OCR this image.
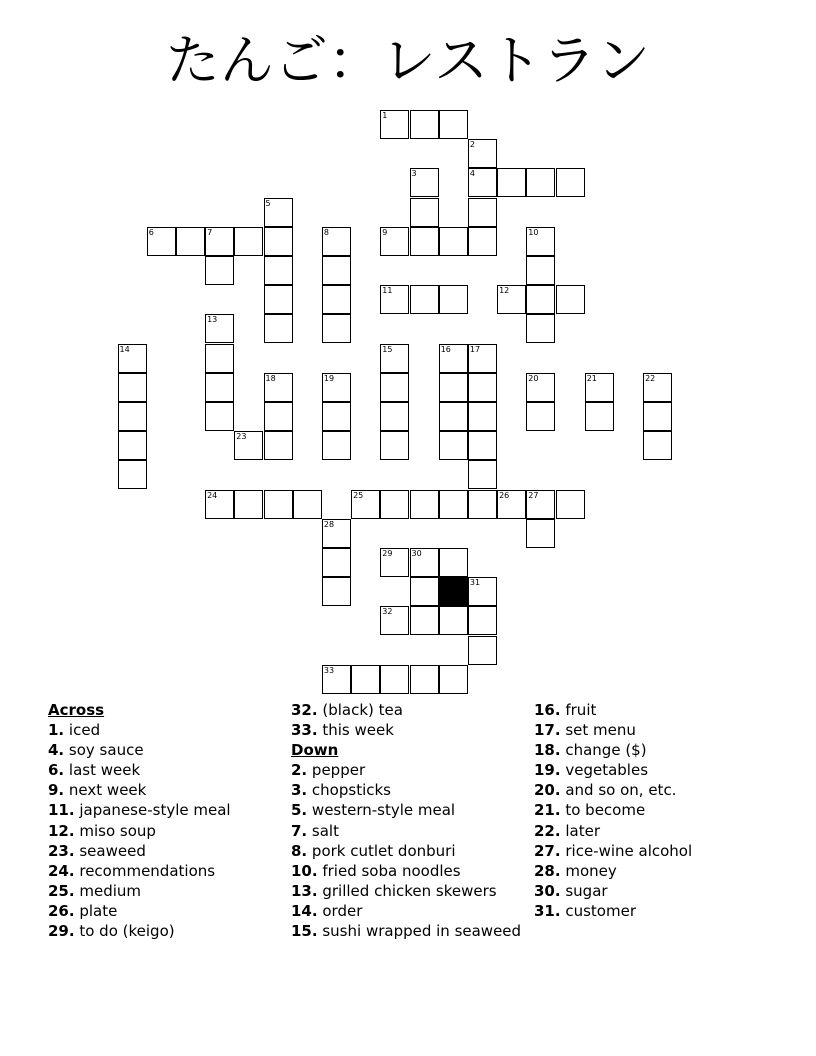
たんご：レストラン
1
2
3	4
5
6	7	8	9	10
11	12
13
14	15	16 17
18	19	20	21	22
23
24	25	26 27
28
29 30
31
32
33
Across
1. iced
4. soy sauce
6. last week
9. next week
11. japanese-style meal
12. miso soup
23. seaweed
24. recommendations
25. medium
26. plate
29. to do (keigo)
32. (black) tea
33. this week
Down
2. pepper
3. chopsticks
5. western-style meal
7. salt
8. pork cutlet donburi
10. fried soba noodles
13. grilled chicken skewers
14. order
15. sushi wrapped in seaweed
16. fruit
17. set menu
18. change ($)
19. vegetables
20. and so on, etc.
21. to become
22. later
27. rice-wine alcohol
28. money
30. sugar
31. customer
